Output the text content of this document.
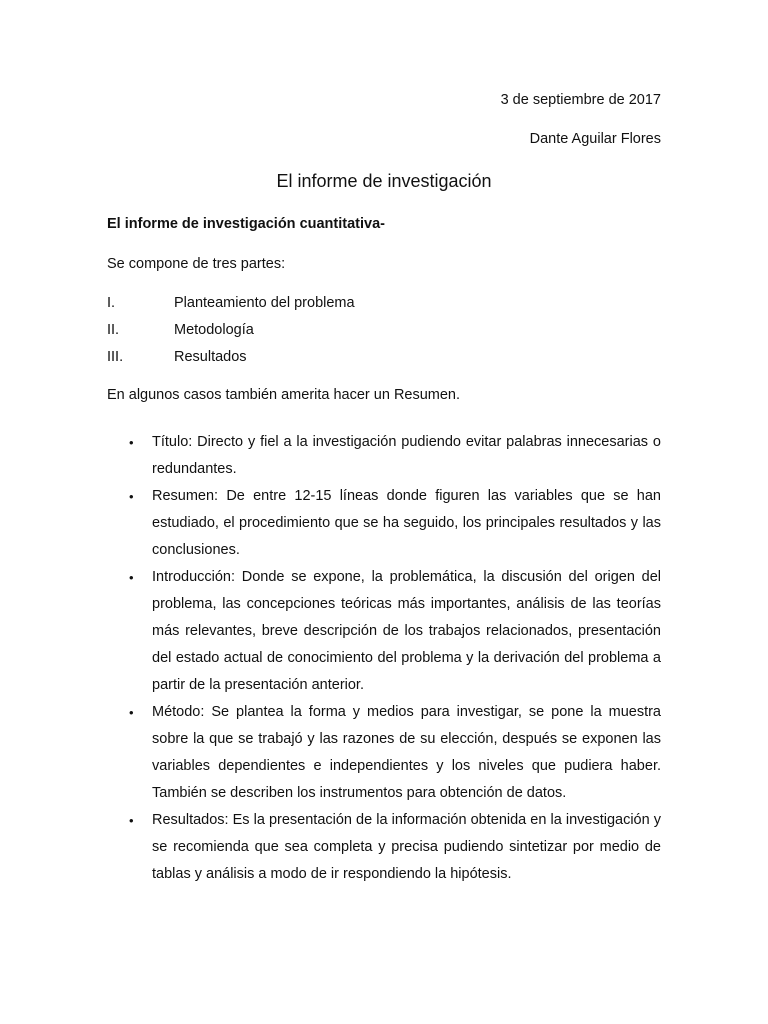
3 de septiembre de 2017
Dante Aguilar Flores
El informe de investigación
El informe de investigación cuantitativa-
Se compone de tres partes:
I.	Planteamiento del problema
II.	Metodología
III.	Resultados
En algunos casos también amerita hacer un Resumen.
• Título: Directo y fiel a la investigación pudiendo evitar palabras innecesarias o redundantes.
• Resumen: De entre 12-15 líneas donde figuren las variables que se han estudiado, el procedimiento que se ha seguido, los principales resultados y las conclusiones.
• Introducción: Donde se expone, la problemática, la discusión del origen del problema, las concepciones teóricas más importantes, análisis de las teorías más relevantes, breve descripción de los trabajos relacionados, presentación del estado actual de conocimiento del problema y la derivación del problema a partir de la presentación anterior.
• Método: Se plantea la forma y medios para investigar, se pone la muestra sobre la que se trabajó y las razones de su elección, después se exponen las variables dependientes e independientes y los niveles que pudiera haber. También se describen los instrumentos para obtención de datos.
• Resultados: Es la presentación de la información obtenida en la investigación y se recomienda que sea completa y precisa pudiendo sintetizar por medio de tablas y análisis a modo de ir respondiendo la hipótesis.
